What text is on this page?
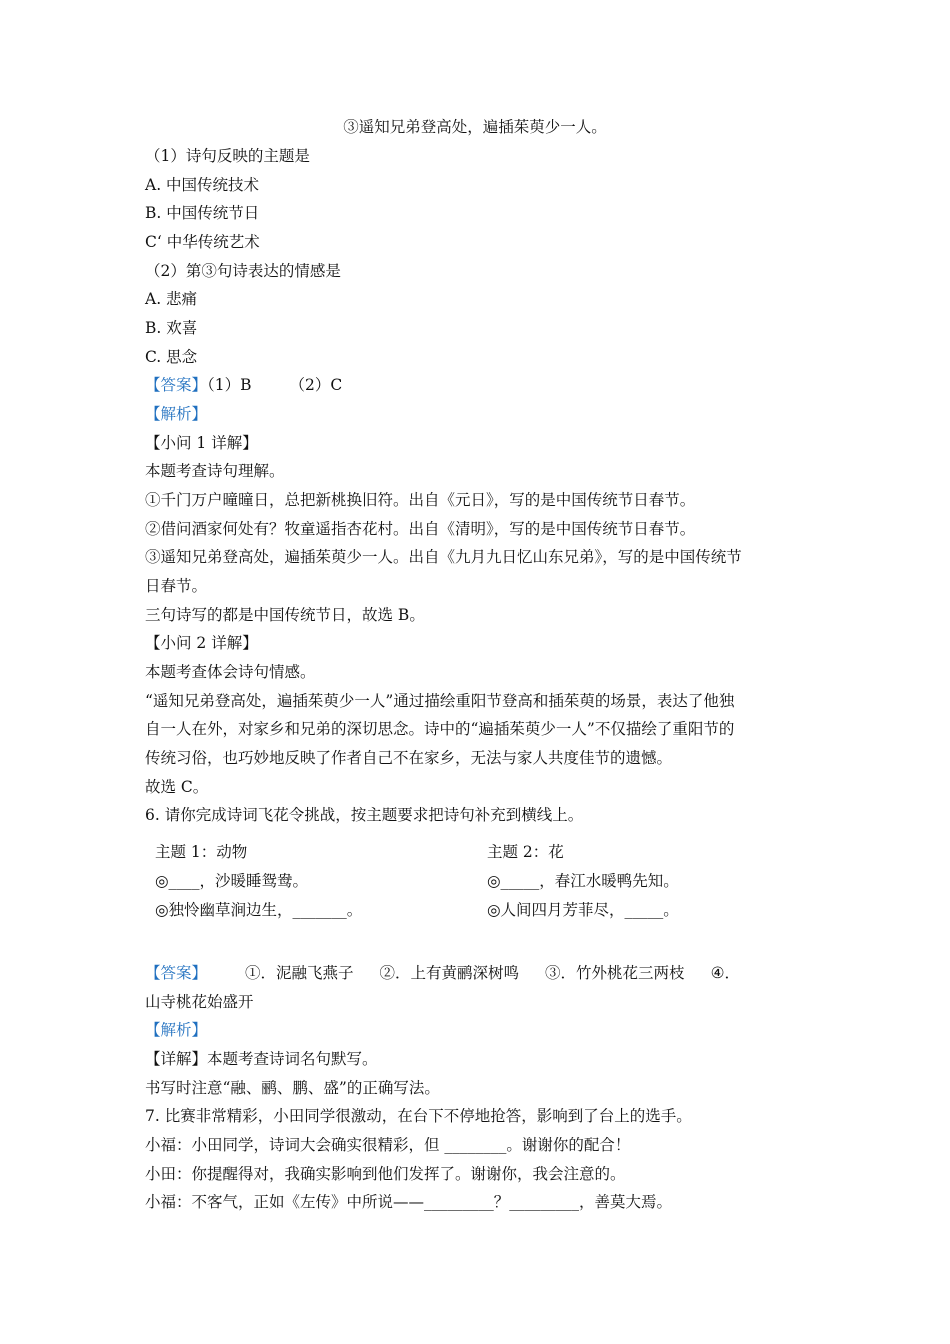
③遥知兄弟登高处，遍插茱萸少一人。
（1）诗句反映的主题是
A. 中国传统技术
B. 中国传统节日
C‘ 中华传统艺术
（2）第③句诗表达的情感是
A. 悲痛
B. 欢喜
C. 思念
【答案】（1）B （2）C
【解析】
【小问 1 详解】
本题考查诗句理解。
①千门万户曈曈日，总把新桃换旧符。出自《元日》，写的是中国传统节日春节。
②借问酒家何处有？牧童遥指杏花村。出自《清明》，写的是中国传统节日春节。
③遥知兄弟登高处，遍插茱萸少一人。出自《九月九日忆山东兄弟》，写的是中国传统节
日春节。
三句诗写的都是中国传统节日，故选 B。
【小问 2 详解】
本题考查体会诗句情感。
“遥知兄弟登高处，遍插茱萸少一人”通过描绘重阳节登高和插茱萸的场景，表达了他独
自一人在外，对家乡和兄弟的深切思念。诗中的“遍插茱萸少一人”不仅描绘了重阳节的
传统习俗，也巧妙地反映了作者自己不在家乡，无法与家人共度佳节的遗憾。
故选 C。
6. 请你完成诗词飞花令挑战，按主题要求把诗句补充到横线上。
主题 1：动物
◎____，沙暖睡鸳鸯。
◎独怜幽草涧边生，_______。
主题 2：花
◎_____，春江水暖鸭先知。
◎人间四月芳菲尽，_____。
【答案】 ①．泥融飞燕子 ②．上有黄鹂深树鸣 ③．竹外桃花三两枝 ④．
山寺桃花始盛开
【解析】
【详解】本题考查诗词名句默写。
书写时注意“融、鹂、鹏、盛”的正确写法。
7. 比赛非常精彩，小田同学很激动，在台下不停地抢答，影响到了台上的选手。
小福：小田同学，诗词大会确实很精彩，但 ________。谢谢你的配合！
小田：你提醒得对，我确实影响到他们发挥了。谢谢你，我会注意的。
小福：不客气，正如《左传》中所说——_________？_________，善莫大焉。
